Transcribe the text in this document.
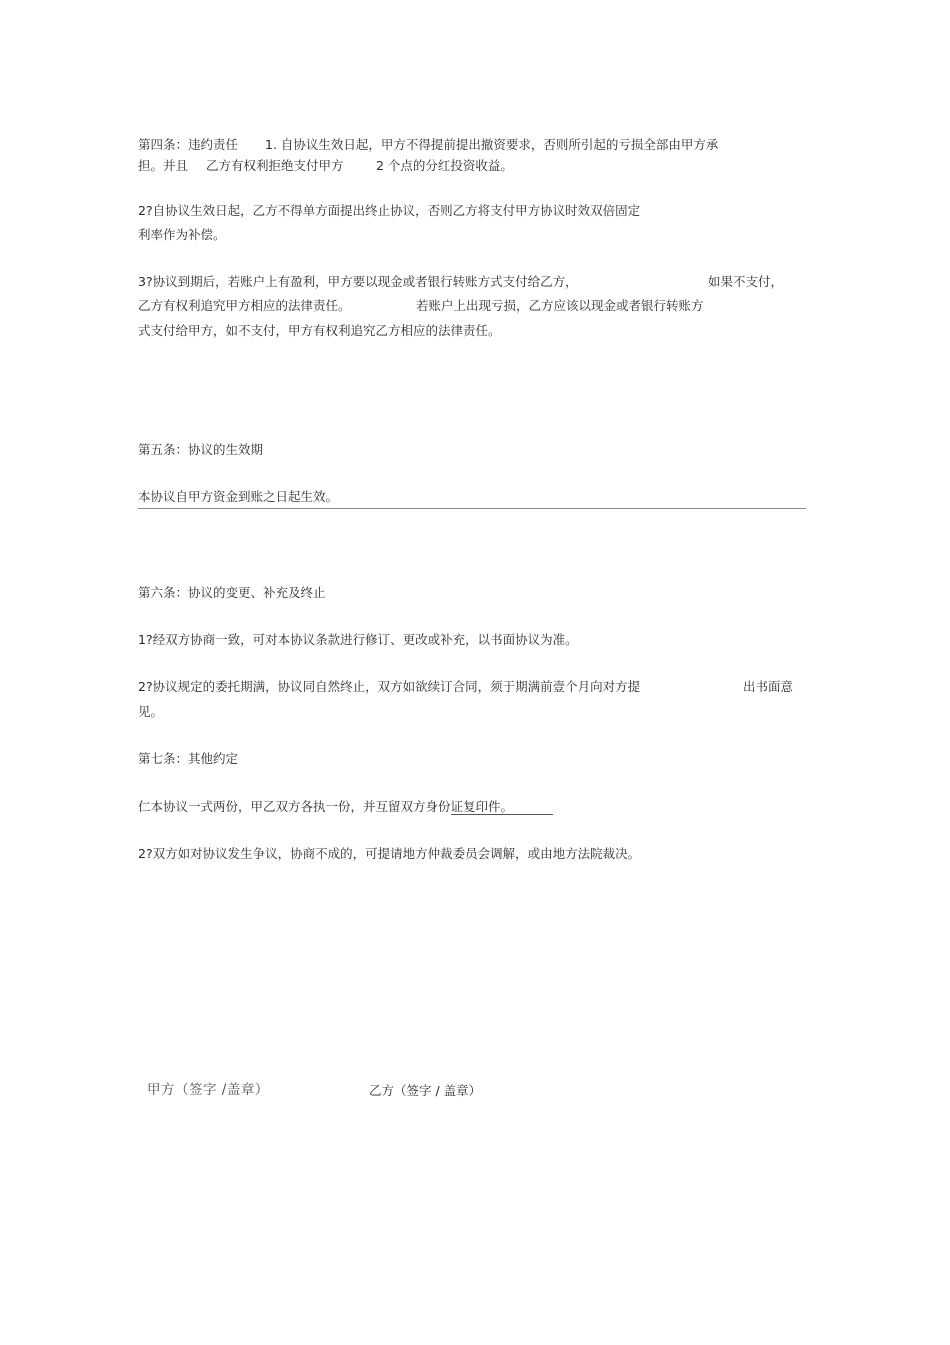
第四条：违约责任 1. 自协议生效日起，甲方不得提前提出撤资要求，否则所引起的亏损全部由甲方承
担。并且 乙方有权利拒绝支付甲方	2 个点的分红投资收益。
2?自协议生效日起，乙方不得单方面提出终止协议，否则乙方将支付甲方协议时效双倍固定
利率作为补偿。
3?协议到期后，若账户上有盈利，甲方要以现金或者银行转账方式支付给乙方，	如果不支付，
乙方有权利追究甲方相应的法律责任。	若账户上出现亏损，乙方应该以现金或者银行转账方
式支付给甲方，如不支付，甲方有权利追究乙方相应的法律责任。
第五条：协议的生效期
本协议自甲方资金到账之日起生效。
第六条：协议的变更、补充及终止
1?经双方协商一致，可对本协议条款进行修订、更改或补充，以书面协议为准。
2?协议规定的委托期满，协议同自然终止，双方如欲续订合同，须于期满前壹个月向对方提	出书面意
见。
第七条：其他约定
仁本协议一式两份，甲乙双方各执一份，并互留双方身份证复印件。
2?双方如对协议发生争议，协商不成的，可提请地方仲裁委员会调解，或由地方法院裁决。
甲方（签字 /盖章）	乙方（签字 / 盖章）
